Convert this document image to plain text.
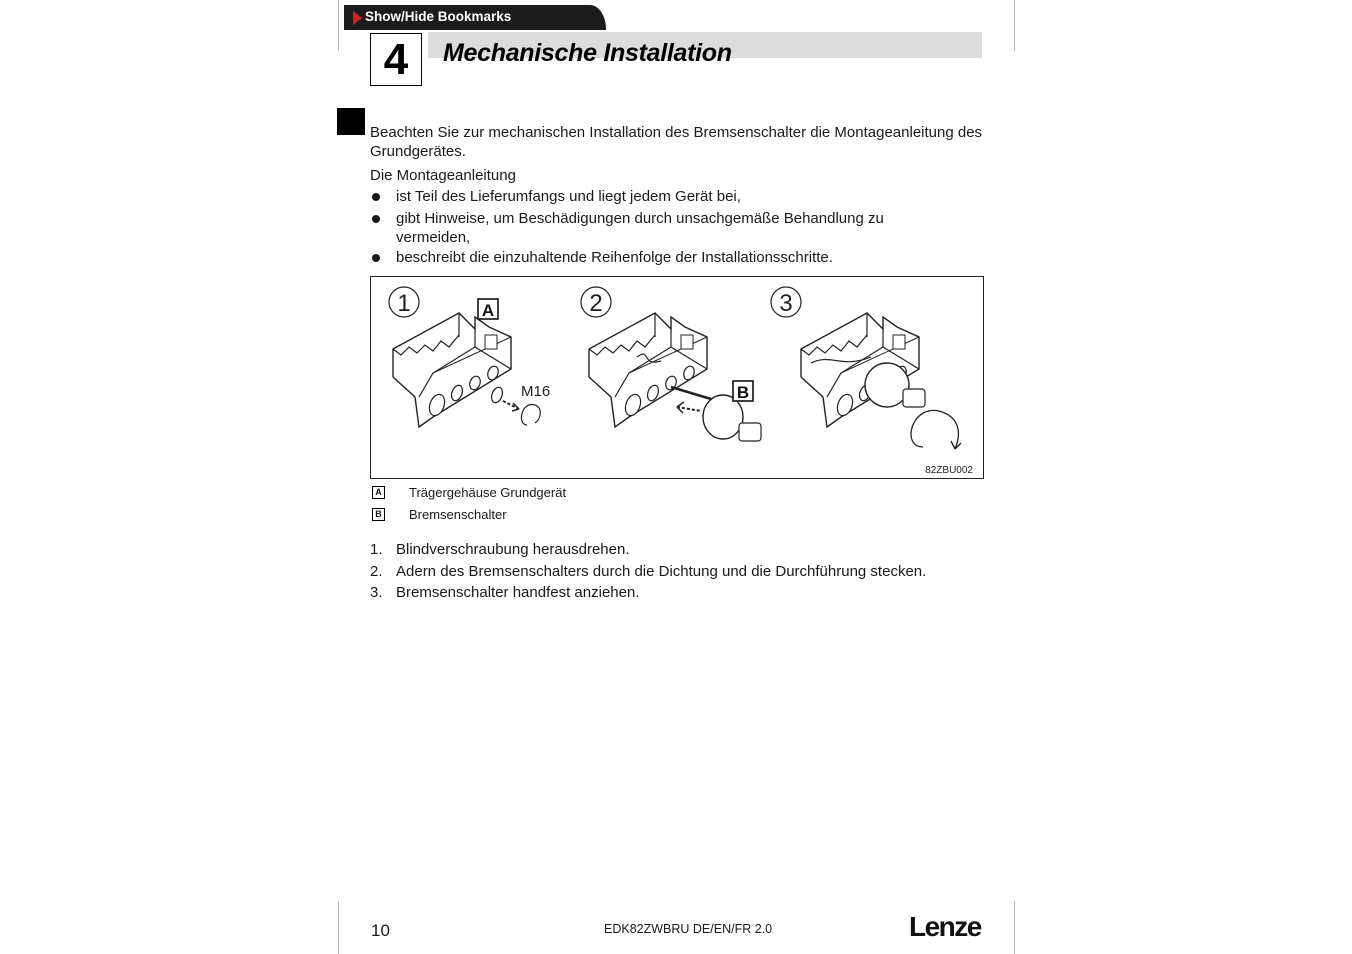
Show/Hide Bookmarks
4	Mechanische Installation
Beachten Sie zur mechanischen Installation des Bremsenschalter die Montageanleitung des Grundgerätes.
Die Montageanleitung
ist Teil des Lieferumfangs und liegt jedem Gerät bei,
gibt Hinweise, um Beschädigungen durch unsachgemäße Behandlung zu vermeiden,
beschreibt die einzuhaltende Reihenfolge der Installationsschritte.
1	A
M16
2
B
3
82ZBU002
A Trägergehäuse Grundgerät
B Bremsenschalter
1. Blindverschraubung herausdrehen.
2. Adern des Bremsenschalters durch die Dichtung und die Durchführung stecken.
3. Bremsenschalter handfest anziehen.
10	EDK82ZWBRU DE/EN/FR 2.0	Lenze
